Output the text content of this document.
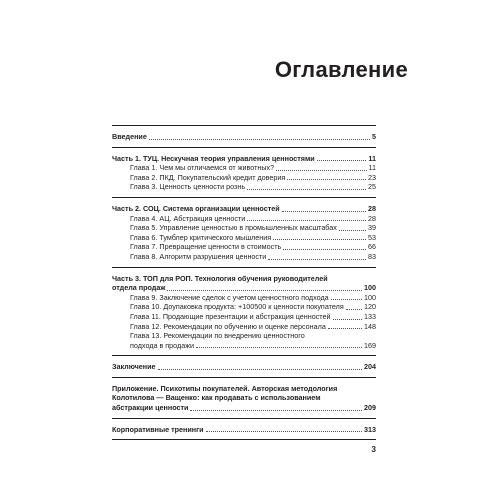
Оглавление
Введение	5
Часть 1. ТУЦ. Нескучная теория управления ценностями	11
Глава 1. Чем мы отличаемся от животных?	11
Глава 2. ПКД. Покупательский кредит доверия	23
Глава 3. Ценность ценности рознь	25
Часть 2. СОЦ. Система организации ценностей	28
Глава 4. АЦ. Абстракция ценности	28
Глава 5. Управление ценностью в промышленных масштабах	39
Глава 6. Тумблер критического мышления	53
Глава 7. Превращение ценности в стоимость	66
Глава 8. Алгоритм разрушения ценности	83
Часть 3. ТОП для РОП. Технология обучения руководителей
отдела продаж	100
Глава 9. Заключение сделок с учетом ценностного подхода	100
Глава 10. Доупаковка продукта: +100500 к ценности покупателя	120
Глава 11. Продающие презентации и абстракция ценностей	133
Глава 12. Рекомендации по обучению и оценке персонала	148
Глава 13. Рекомендации по внедрению ценностного
подхода в продажи	169
Заключение	204
Приложение. Психотипы покупателей. Авторская методология
Колотилова — Ващенко: как продавать с использованием
абстракции ценности	209
Корпоративные тренинги	313
3
